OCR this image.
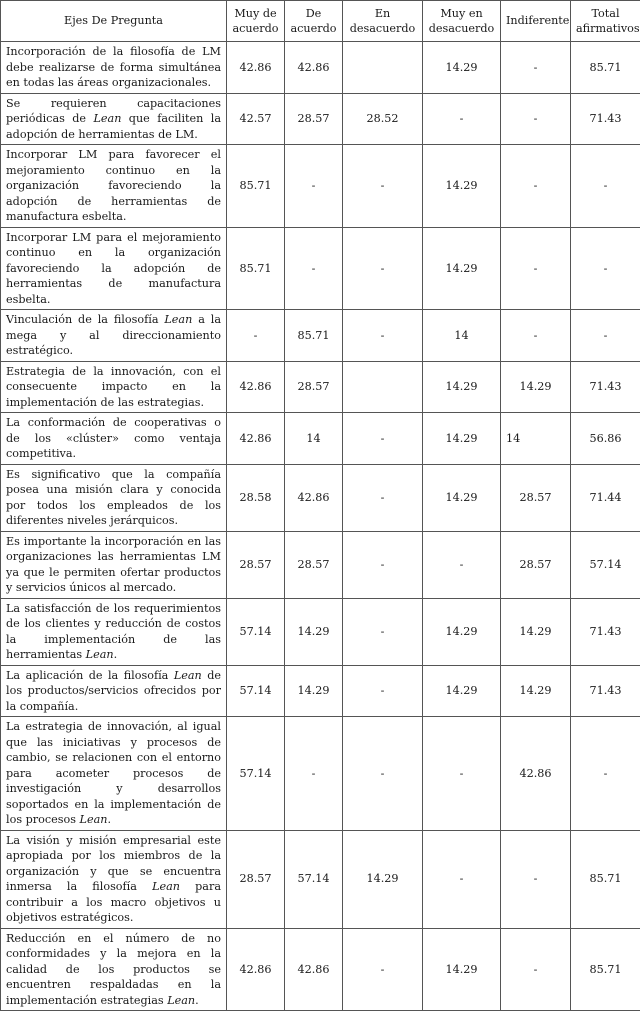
Ejes De Pregunta	Muy de acuerdo	De acuerdo	En desacuerdo	Muy en desacuerdo	Indiferente	Total afirmativos
Incorporación de la filosofía de LM debe realizarse de forma simultánea en todas las áreas organizacionales.	42.86	42.86		14.29	-	85.71
Se requieren capacitaciones periódicas de Lean que faciliten la adopción de herramientas de LM.	42.57	28.57	28.52	-	-	71.43
Incorporar LM para favorecer el mejoramiento continuo en la organización favoreciendo la adopción de herramientas de manufactura esbelta.	85.71	-	-	14.29	-	-
Incorporar LM para el mejoramiento continuo en la organización favoreciendo la adopción de herramientas de manufactura esbelta.	85.71	-	-	14.29	-	-
Vinculación de la filosofía Lean a la mega y al direccionamiento estratégico.	-	85.71	-	14	-	-
Estrategia de la innovación, con el consecuente impacto en la implementación de las estrategias.	42.86	28.57		14.29	14.29	71.43
La conformación de cooperativas o de los «clúster» como ventaja competitiva.	42.86	14	-	14.29	14	56.86
Es significativo que la compañía posea una misión clara y conocida por todos los empleados de los diferentes niveles jerárquicos.	28.58	42.86	-	14.29	28.57	71.44
Es importante la incorporación en las organizaciones las herramientas LM ya que le permiten ofertar productos y servicios únicos al mercado.	28.57	28.57	-	-	28.57	57.14
La satisfacción de los requerimientos de los clientes y reducción de costos la implementación de las herramientas Lean.	57.14	14.29	-	14.29	14.29	71.43
La aplicación de la filosofía Lean de los productos/servicios ofrecidos por la compañía.	57.14	14.29	-	14.29	14.29	71.43
La estrategia de innovación, al igual que las iniciativas y procesos de cambio, se relacionen con el entorno para acometer procesos de investigación y desarrollos soportados en la implementación de los procesos Lean.	57.14	-	-	-	42.86	-
La visión y misión empresarial este apropiada por los miembros de la organización y que se encuentra inmersa la filosofía Lean para contribuir a los macro objetivos u objetivos estratégicos.	28.57	57.14	14.29	-	-	85.71
Reducción en el número de no conformidades y la mejora en la calidad de los productos se encuentren respaldadas en la implementación estrategias Lean.	42.86	42.86	-	14.29	-	85.71
